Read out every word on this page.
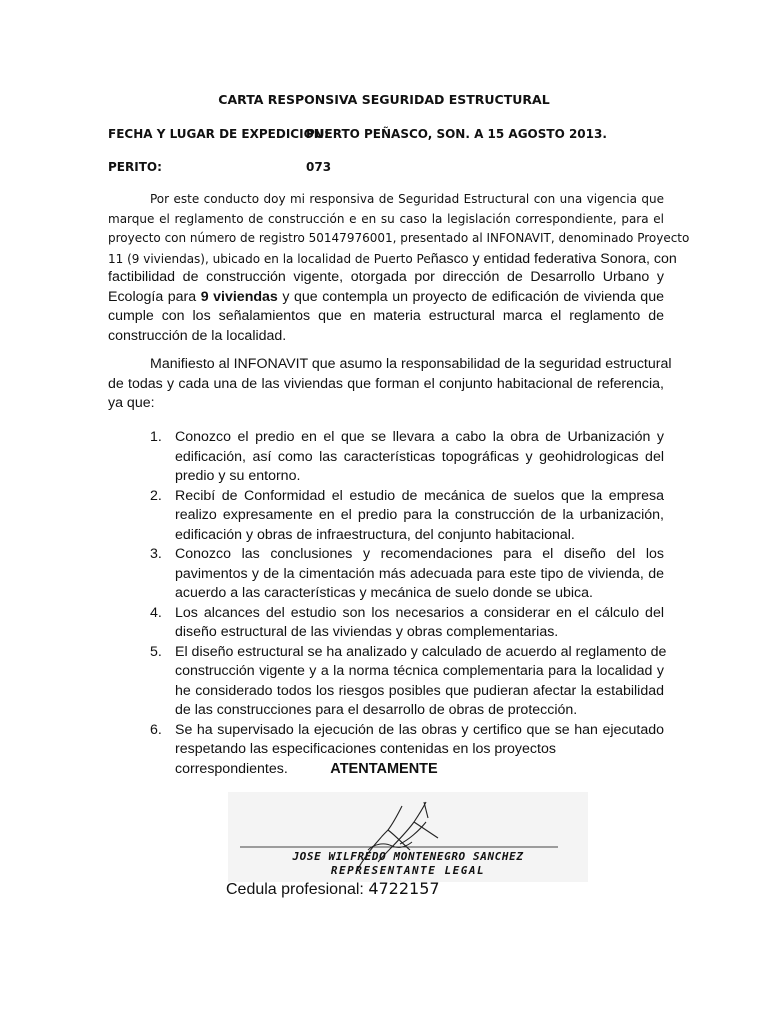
CARTA RESPONSIVA SEGURIDAD ESTRUCTURAL
FECHA Y LUGAR DE EXPEDICION:
PUERTO PEÑASCO, SON. A 15 AGOSTO 2013.
PERITO:	073
Por este conducto doy mi responsiva de Seguridad Estructural con una vigencia que
marque el reglamento de construcción e en su caso la legislación correspondiente, para el
proyecto con número de registro 50147976001, presentado al INFONAVIT, denominado Proyecto
11 (9 viviendas), ubicado en la localidad de Puerto Peñasco y entidad federativa Sonora, con
factibilidad de construcción vigente, otorgada por dirección de Desarrollo Urbano y
Ecología para 9 viviendas y que contempla un proyecto de edificación de vivienda que
cumple con los señalamientos que en materia estructural marca el reglamento de
construcción de la localidad.
Manifiesto al INFONAVIT que asumo la responsabilidad de la seguridad estructural
de todas y cada una de las viviendas que forman el conjunto habitacional de referencia,
ya que:
1. Conozco el predio en el que se llevara a cabo la obra de Urbanización y
edificación, así como las características topográficas y geohidrologicas del
predio y su entorno.
2. Recibí de Conformidad el estudio de mecánica de suelos que la empresa
realizo expresamente en el predio para la construcción de la urbanización,
edificación y obras de infraestructura, del conjunto habitacional.
3. Conozco las conclusiones y recomendaciones para el diseño del los
pavimentos y de la cimentación más adecuada para este tipo de vivienda, de
acuerdo a las características y mecánica de suelo donde se ubica.
4. Los alcances del estudio son los necesarios a considerar en el cálculo del
diseño estructural de las viviendas y obras complementarias.
5. El diseño estructural se ha analizado y calculado de acuerdo al reglamento de
construcción vigente y a la norma técnica complementaria para la localidad y
he considerado todos los riesgos posibles que pudieran afectar la estabilidad
de las construcciones para el desarrollo de obras de protección.
6. Se ha supervisado la ejecución de las obras y certifico que se han ejecutado
respetando las especificaciones contenidas en los proyectos correspondientes.	ATENTAMENTE
JOSE WILFREDO MONTENEGRO SANCHEZ
REPRESENTANTE LEGAL
Cedula profesional: 4722157
